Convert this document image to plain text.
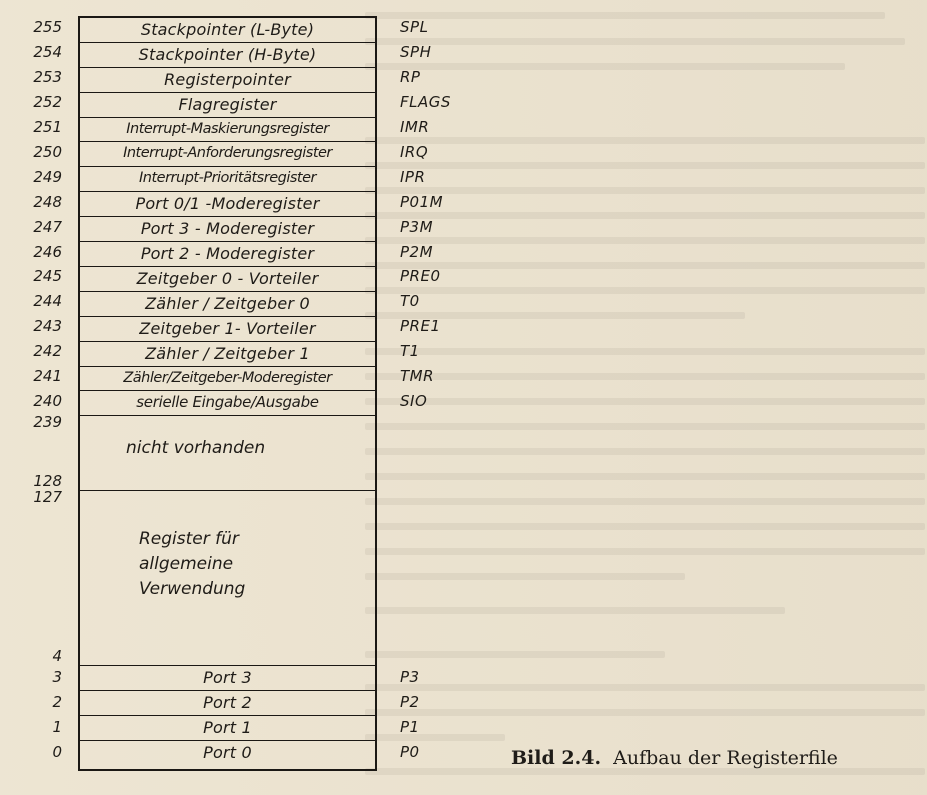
Stackpointer (L-Byte)
Stackpointer (H-Byte)
Registerpointer
Flagregister
Interrupt-Maskierungsregister
Interrupt-Anforderungsregister
Interrupt-Prioritätsregister
Port 0/1 -Moderegister
Port 3 - Moderegister
Port 2 - Moderegister
Zeitgeber 0 - Vorteiler
Zähler / Zeitgeber 0
Zeitgeber 1- Vorteiler
Zähler / Zeitgeber 1
Zähler/Zeitgeber-Moderegister
serielle Eingabe/Ausgabe
nicht vorhanden
Register für
allgemeine
Verwendung
Port 3
Port 2
Port 1
Port 0
255
254
253
252
251
250
249
248
247
246
245
244
243
242
241
240
239
128
127
4
3
2
1
0
SPL
SPH
RP
FLAGS
IMR
IRQ
IPR
P01M
P3M
P2M
PRE0
T0
PRE1
T1
TMR
SIO
P3
P2
P1
P0	Bild 2.4. Aufbau der Registerfile
